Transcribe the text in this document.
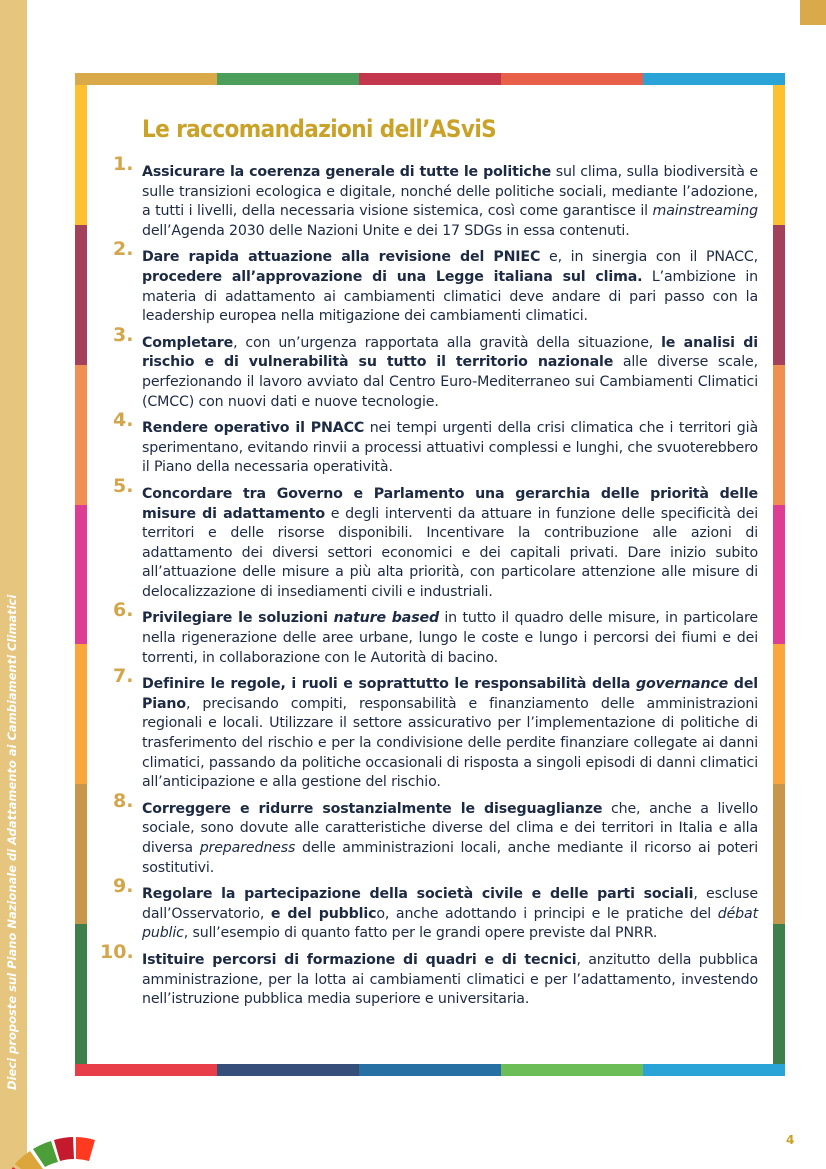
Dieci proposte sul Piano Nazionale di Adattamento ai Cambiamenti Climatici
4
Le raccomandazioni dell’ASviS
1. Assicurare la coerenza generale di tutte le politiche sul clima, sulla biodiversità e sulle transizioni ecologica e digitale, nonché delle politiche sociali, mediante l’adozione, a tutti i livelli, della necessaria visione sistemica, così come garantisce il mainstreaming dell’Agenda 2030 delle Nazioni Unite e dei 17 SDGs in essa contenuti.
2. Dare rapida attuazione alla revisione del PNIEC e, in sinergia con il PNACC, procedere all’approvazione di una Legge italiana sul clima. L’ambizione in materia di adattamento ai cambiamenti climatici deve andare di pari passo con la leadership europea nella mitigazione dei cambiamenti climatici.
3. Completare, con un’urgenza rapportata alla gravità della situazione, le analisi di rischio e di vulnerabilità su tutto il territorio nazionale alle diverse scale, perfezionando il lavoro avviato dal Centro Euro-Mediterraneo sui Cambiamenti Climatici (CMCC) con nuovi dati e nuove tecnologie.
4. Rendere operativo il PNACC nei tempi urgenti della crisi climatica che i territori già sperimentano, evitando rinvii a processi attuativi complessi e lunghi, che svuoterebbero il Piano della necessaria operatività.
5. Concordare tra Governo e Parlamento una gerarchia delle priorità delle misure di adattamento e degli interventi da attuare in funzione delle specificità dei territori e delle risorse disponibili. Incentivare la contribuzione alle azioni di adattamento dei diversi settori economici e dei capitali privati. Dare inizio subito all’attuazione delle misure a più alta priorità, con particolare attenzione alle misure di delocalizzazione di insediamenti civili e industriali.
6. Privilegiare le soluzioni nature based in tutto il quadro delle misure, in particolare nella rigenerazione delle aree urbane, lungo le coste e lungo i percorsi dei fiumi e dei torrenti, in collaborazione con le Autorità di bacino.
7. Definire le regole, i ruoli e soprattutto le responsabilità della governance del Piano, precisando compiti, responsabilità e finanziamento delle amministrazioni regionali e locali. Utilizzare il settore assicurativo per l’implementazione di politiche di trasferimento del rischio e per la condivisione delle perdite finanziare collegate ai danni climatici, passando da politiche occasionali di risposta a singoli episodi di danni climatici all’anticipazione e alla gestione del rischio.
8. Correggere e ridurre sostanzialmente le diseguaglianze che, anche a livello sociale, sono dovute alle caratteristiche diverse del clima e dei territori in Italia e alla diversa preparedness delle amministrazioni locali, anche mediante il ricorso ai poteri sostitutivi.
9. Regolare la partecipazione della società civile e delle parti sociali, escluse dall’Osservatorio, e del pubblico, anche adottando i principi e le pratiche del débat public, sull’esempio di quanto fatto per le grandi opere previste dal PNRR.
10. Istituire percorsi di formazione di quadri e di tecnici, anzitutto della pubblica amministrazione, per la lotta ai cambiamenti climatici e per l’adattamento, investendo nell’istruzione pubblica media superiore e universitaria.
